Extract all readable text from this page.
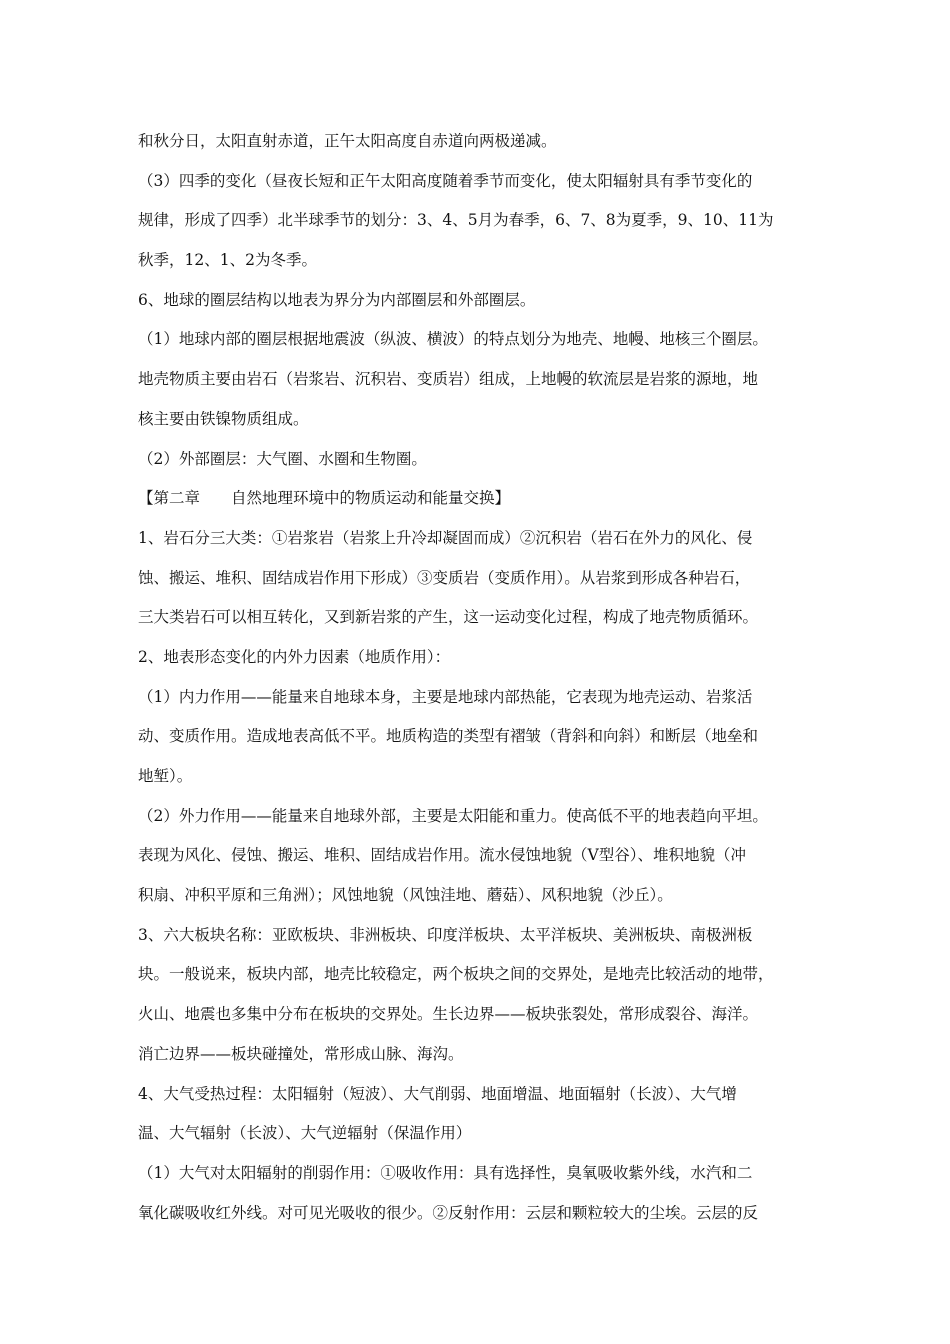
和秋分日，太阳直射赤道，正午太阳高度自赤道向两极递减。
（3）四季的变化（昼夜长短和正午太阳高度随着季节而变化，使太阳辐射具有季节变化的
规律，形成了四季）北半球季节的划分：3、4、5月为春季，6、7、8为夏季，9、10、11为
秋季，12、1、2为冬季。
6、地球的圈层结构以地表为界分为内部圈层和外部圈层。
（1）地球内部的圈层根据地震波（纵波、横波）的特点划分为地壳、地幔、地核三个圈层。
地壳物质主要由岩石（岩浆岩、沉积岩、变质岩）组成，上地幔的软流层是岩浆的源地，地
核主要由铁镍物质组成。
（2）外部圈层：大气圈、水圈和生物圈。
【第二章　　自然地理环境中的物质运动和能量交换】
1、岩石分三大类：①岩浆岩（岩浆上升冷却凝固而成）②沉积岩（岩石在外力的风化、侵
蚀、搬运、堆积、固结成岩作用下形成）③变质岩（变质作用）。从岩浆到形成各种岩石，
三大类岩石可以相互转化，又到新岩浆的产生，这一运动变化过程，构成了地壳物质循环。
2、地表形态变化的内外力因素（地质作用）：
（1）内力作用——能量来自地球本身，主要是地球内部热能，它表现为地壳运动、岩浆活
动、变质作用。造成地表高低不平。地质构造的类型有褶皱（背斜和向斜）和断层（地垒和
地堑）。
（2）外力作用——能量来自地球外部，主要是太阳能和重力。使高低不平的地表趋向平坦。
表现为风化、侵蚀、搬运、堆积、固结成岩作用。流水侵蚀地貌（V型谷）、堆积地貌（冲
积扇、冲积平原和三角洲）；风蚀地貌（风蚀洼地、蘑菇）、风积地貌（沙丘）。
3、六大板块名称：亚欧板块、非洲板块、印度洋板块、太平洋板块、美洲板块、南极洲板
块。一般说来，板块内部，地壳比较稳定，两个板块之间的交界处，是地壳比较活动的地带，
火山、地震也多集中分布在板块的交界处。生长边界——板块张裂处，常形成裂谷、海洋。
消亡边界——板块碰撞处，常形成山脉、海沟。
4、大气受热过程：太阳辐射（短波）、大气削弱、地面增温、地面辐射（长波）、大气增
温、大气辐射（长波）、大气逆辐射（保温作用）
（1）大气对太阳辐射的削弱作用：①吸收作用：具有选择性，臭氧吸收紫外线，水汽和二
氧化碳吸收红外线。对可见光吸收的很少。②反射作用：云层和颗粒较大的尘埃。云层的反
